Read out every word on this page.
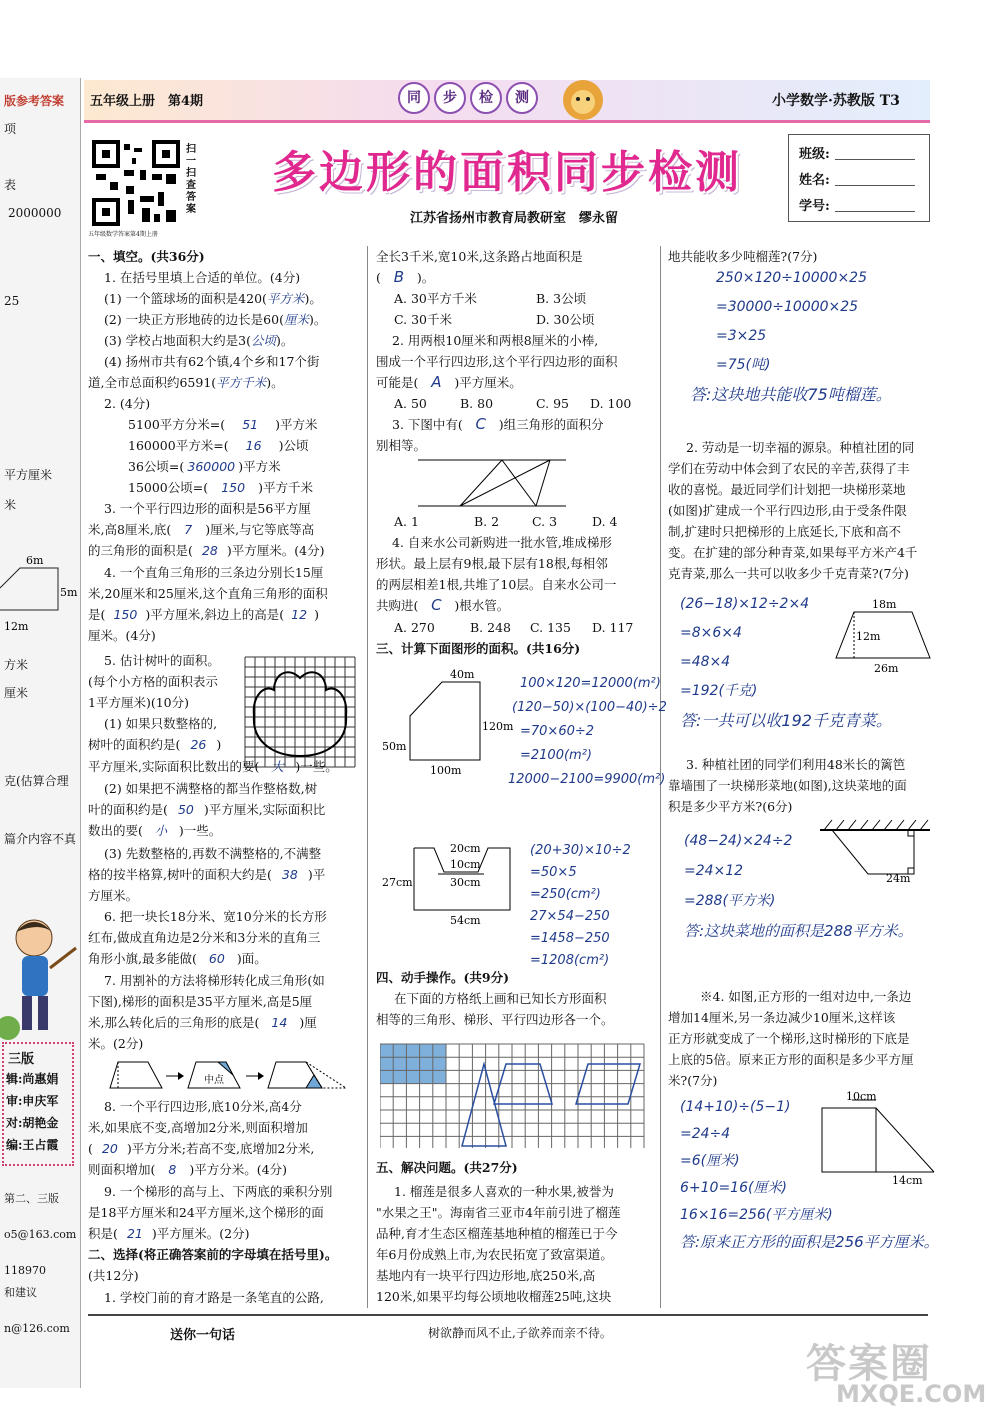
版参考答案
项
表
2000000
25
平方厘米
米
6m
5m
12m
方米
厘米
克(估算合理
篇介内容不真
三版
辑:尚惠娟
审:申庆军
对:胡艳金
编:王占霞
第二、三版
o5@163.com
118970
和建议
n@126.com
五年级上册　第4期	同	步	检	测	小学数学·苏教版 T3
扫一扫　查答案
五年级数学答案第4期上册
多边形的面积同步检测
江苏省扬州市教育局教研室　缪永留
班级:
姓名:
学号:

一、填空。(共36分)

1. 在括号里填上合适的单位。(4分)

(1) 一个篮球场的面积是420(平方米)。

(2) 一块正方形地砖的边长是60(厘米)。

(3) 学校占地面积大约是3(公顷)。

(4) 扬州市共有62个镇,4个乡和17个街

道,全市总面积约6591(平方千米)。

2. (4分)

5100平方分米=( 51 )平方米

160000平方米=( 16 )公顷

36公顷=( 360000 )平方米

15000公顷=( 150 )平方千米

3. 一个平行四边形的面积是56平方厘

米,高8厘米,底( 7 )厘米,与它等底等高

的三角形的面积是( 28 )平方厘米。(4分)

4. 一个直角三角形的三条边分别长15厘

米,20厘米和25厘米,这个直角三角形的面积

是( 150 )平方厘米,斜边上的高是( 12 )

厘米。(4分)

5. 估计树叶的面积。

(每个小方格的面积表示

1平方厘米)(10分)

(1) 如果只数整格的,

树叶的面积约是( 26 )

平方厘米,实际面积比数出的要( 大 )一些。

(2) 如果把不满整格的都当作整格数,树

叶的面积约是( 50 )平方厘米,实际面积比

数出的要( 小 )一些。

(3) 先数整格的,再数不满整格的,不满整

格的按半格算,树叶的面积大约是( 38 )平

方厘米。

6. 把一块长18分米、宽10分米的长方形

红布,做成直角边是2分米和3分米的直角三

角形小旗,最多能做( 60 )面。

7. 用割补的方法将梯形转化成三角形(如

下图),梯形的面积是35平方厘米,高是5厘

米,那么转化后的三角形的底是( 14 )厘

米。(2分)

中点

8. 一个平行四边形,底10分米,高4分

米,如果底不变,高增加2分米,则面积增加

( 20 )平方分米;若高不变,底增加2分米,

则面积增加( 8 )平方分米。(4分)

9. 一个梯形的高与上、下两底的乘积分别

是18平方厘米和24平方厘米,这个梯形的面

积是( 21 )平方厘米。(2分)

二、选择(将正确答案前的字母填在括号里)。

(共12分)

1. 学校门前的育才路是一条笔直的公路,

全长3千米,宽10米,这条路占地面积是

( B )。

A. 30平方千米	B. 3公顷

C. 30千米	D. 30公顷

2. 用两根10厘米和两根8厘米的小棒,

围成一个平行四边形,这个平行四边形的面积

可能是( A )平方厘米。

A. 50	B. 80	C. 95 D. 100

3. 下图中有( C )组三角形的面积分

别相等。

A. 1	B. 2	C. 3	D. 4

4. 自来水公司新购进一批水管,堆成梯形

形状。最上层有9根,最下层有18根,每相邻

的两层相差1根,共堆了10层。自来水公司一

共购进( C )根水管。

A. 270	B. 248 C. 135 D. 117

三、计算下面图形的面积。(共16分)

40m
50m
120m
100m
100×120=12000(m²)
(120−50)×(100−40)÷2
=70×60÷2
=2100(m²)
12000−2100=9900(m²)
20cm
10cm
30cm
27cm
54cm
(20+30)×10÷2
=50×5
=250(cm²)
27×54−250
=1458−250
=1208(cm²)

四、动手操作。(共9分)

在下面的方格纸上画和已知长方形面积

相等的三角形、梯形、平行四边形各一个。

五、解决问题。(共27分)

1. 榴莲是很多人喜欢的一种水果,被誉为

"水果之王"。海南省三亚市4年前引进了榴莲

品种,育才生态区榴莲基地种植的榴莲已于今

年6月份成熟上市,为农民拓宽了致富渠道。

基地内有一块平行四边形地,底250米,高

120米,如果平均每公顷地收榴莲25吨,这块

地共能收多少吨榴莲?(7分)

250×120÷10000×25
=30000÷10000×25
=3×25
=75(吨)
答:这块地共能收75吨榴莲。

2. 劳动是一切幸福的源泉。种植社团的同

学们在劳动中体会到了农民的辛苦,获得了丰

收的喜悦。最近同学们计划把一块梯形菜地

(如图)扩建成一个平行四边形,由于受条件限

制,扩建时只把梯形的上底延长,下底和高不

变。在扩建的部分种青菜,如果每平方米产4千

克青菜,那么一共可以收多少千克青菜?(7分)

(26−18)×12÷2×4
=8×6×4
=48×4
=192(千克)
答:一共可以收192千克青菜。
18m
12m
26m

3. 种植社团的同学们利用48米长的篱笆

靠墙围了一块梯形菜地(如图),这块菜地的面

积是多少平方米?(6分)

24m
(48−24)×24÷2
=24×12
=288(平方米)
答:这块菜地的面积是288平方米。

※4. 如图,正方形的一组对边中,一条边

增加14厘米,另一条边减少10厘米,这样该

正方形就变成了一个梯形,这时梯形的下底是

上底的5倍。原来正方形的面积是多少平方厘

米?(7分)

10cm
14cm
(14+10)÷(5−1)
=24÷4
=6(厘米)
6+10=16(厘米)
16×16=256(平方厘米)
答:原来正方形的面积是256平方厘米。
送你一句话	树欲静而风不止,子欲养而亲不待。
答案圈
MXQE.COM
